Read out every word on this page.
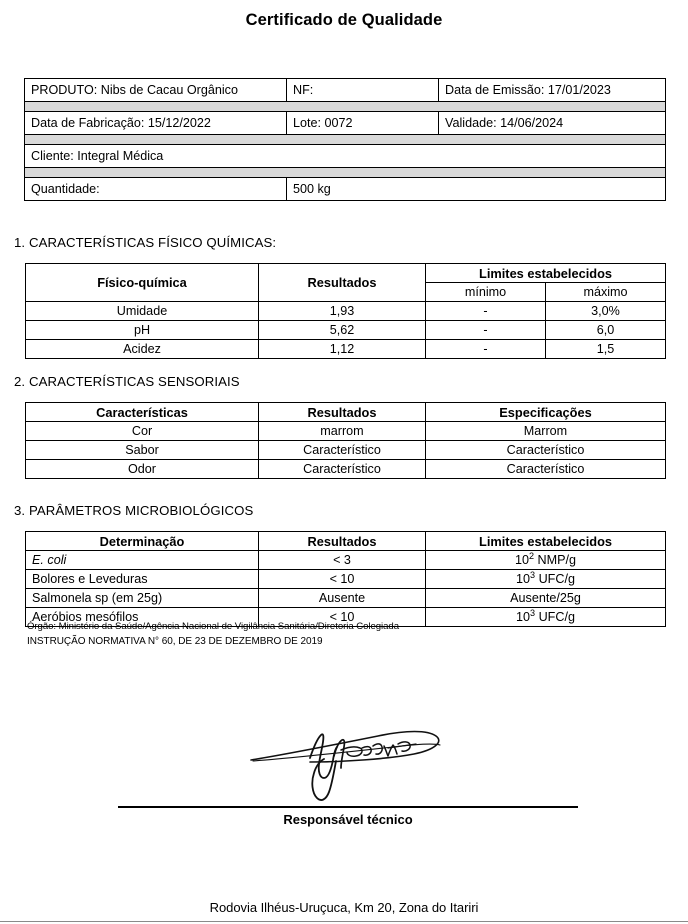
Certificado de Qualidade
PRODUTO: Nibs de Cacau Orgânico	NF:	Data de Emissão: 17/01/2023

Data de Fabricação: 15/12/2022	Lote: 0072	Validade: 14/06/2024

Cliente: Integral Médica		

Quantidade:	500 kg	
1. CARACTERÍSTICAS FÍSICO QUÍMICAS:
Físico-química	Resultados	Limites estabelecidos	
		mínimo	máximo
Umidade	1,93	-	3,0%
pH	5,62	-	6,0
Acidez	1,12	-	1,5
2. CARACTERÍSTICAS SENSORIAIS
Características	Resultados	Especificações
Cor	marrom	Marrom
Sabor	Característico	Característico
Odor	Característico	Característico
3. PARÂMETROS MICROBIOLÓGICOS
Determinação	Resultados	Limites estabelecidos
E. coli	< 3	$10^2$ NMP/g
Bolores e Leveduras	< 10	$10^3$ UFC/g
Salmonela sp (em 25g)	Ausente	Ausente/25g
Aeróbios mesófilos	< 10	$10^3$ UFC/g
Órgão: Ministério da Saúde/Agência Nacional de Vigilância Sanitária/Diretoria Colegiada
INSTRUÇÃO NORMATIVA N° 60, DE 23 DE DEZEMBRO DE 2019
Responsável técnico
Rodovia Ilhéus-Uruçuca, Km 20, Zona do Itariri
